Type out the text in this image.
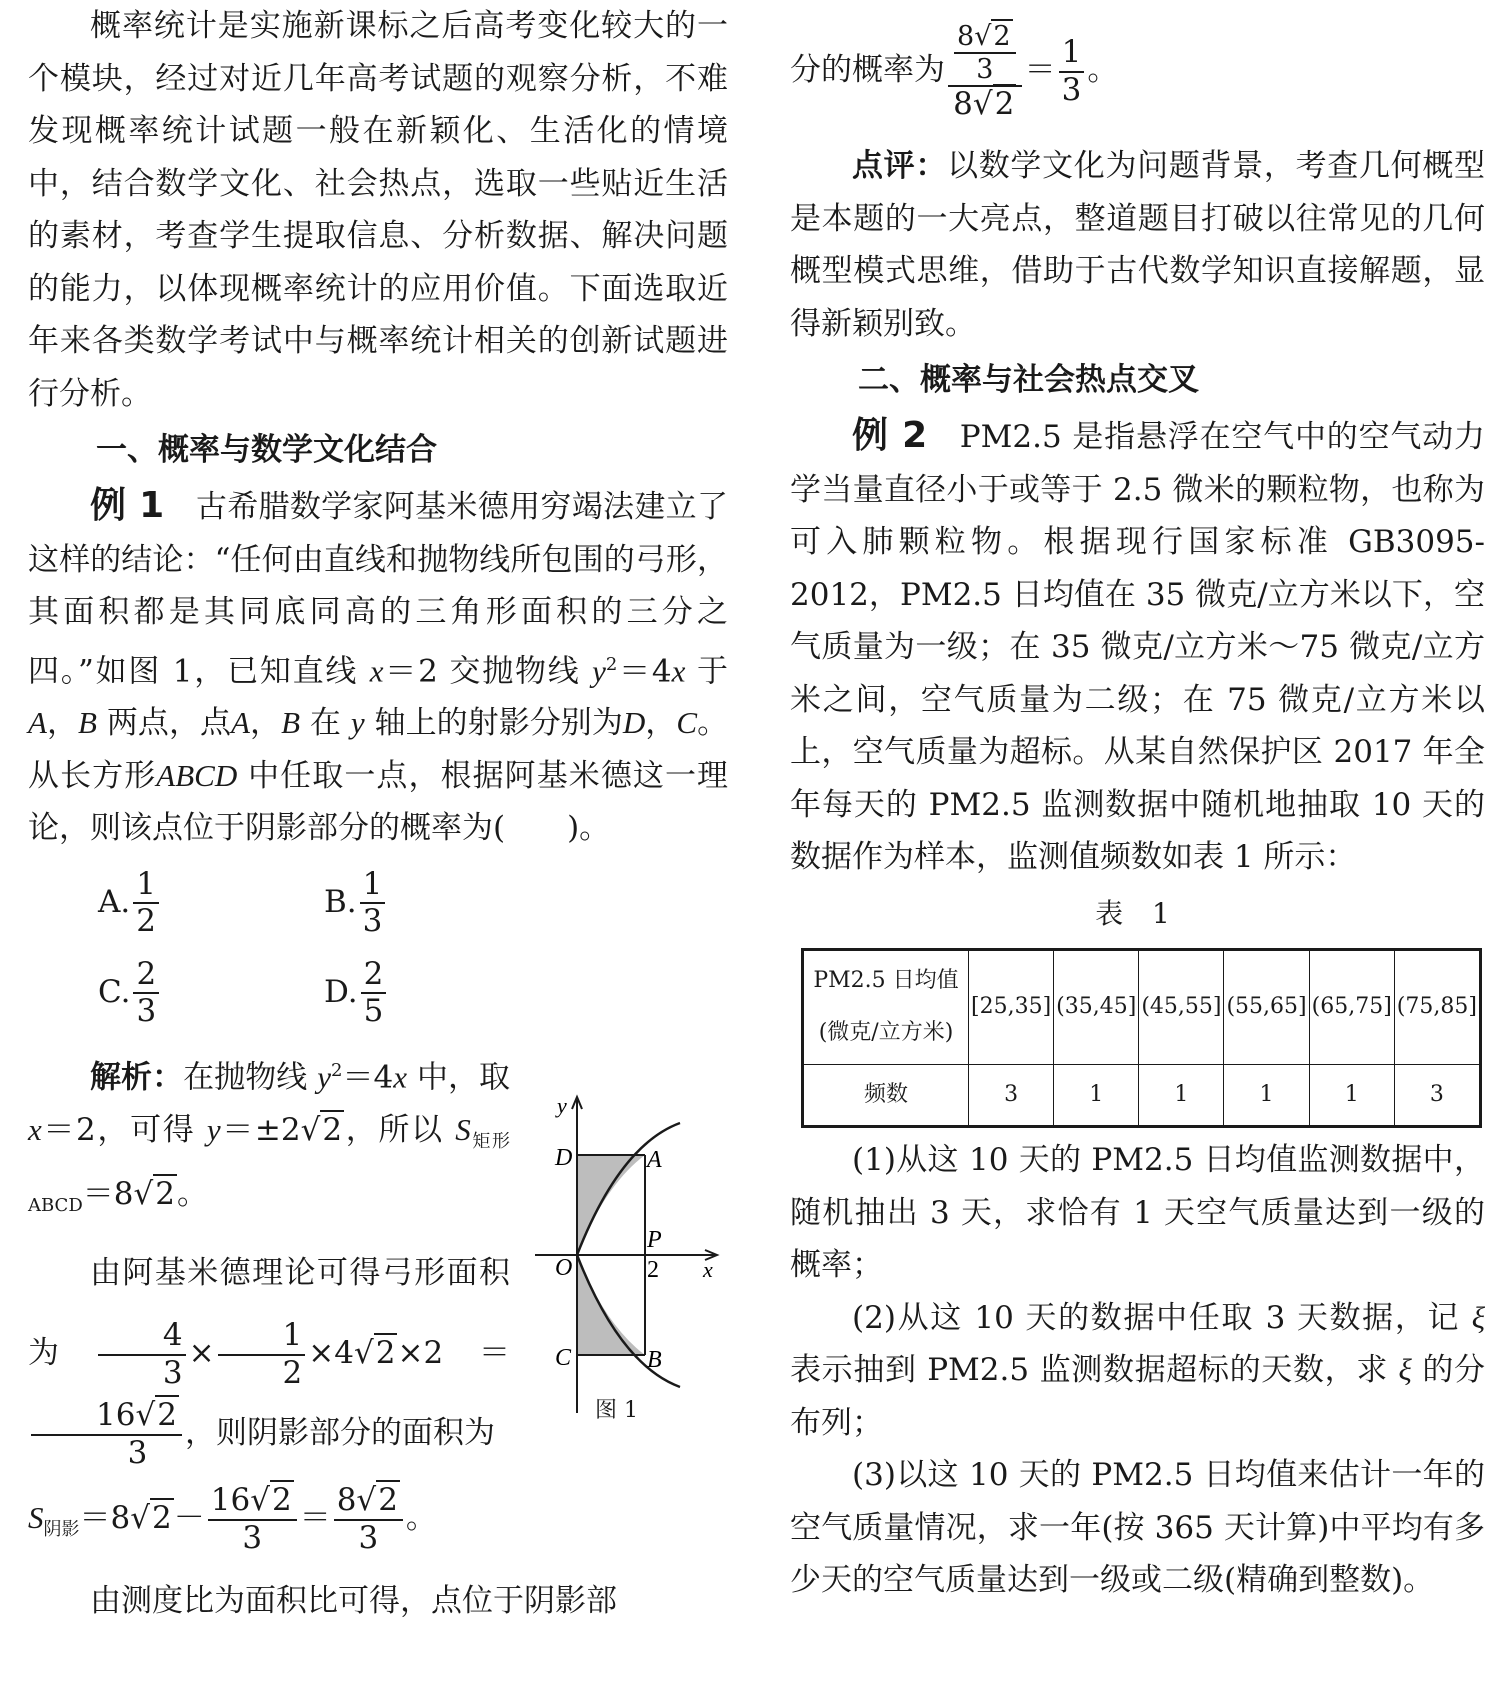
概率统计是实施新课标之后高考变化较大的一个模块，经过对近几年高考试题的观察分析，不难发现概率统计试题一般在新颖化、生活化的情境中，结合数学文化、社会热点，选取一些贴近生活的素材，考查学生提取信息、分析数据、解决问题的能力，以体现概率统计的应用价值。下面选取近年来各类数学考试中与概率统计相关的创新试题进行分析。

一、概率与数学文化结合

例 1　 古希腊数学家阿基米德用穷竭法建立了这样的结论：“任何由直线和抛物线所包围的弓形，其面积都是其同底同高的三角形面积的三分之四。”如图 1，已知直线 x＝2 交抛物线 $y^2=4x$ 于A，B 两点，点A，B 在 y 轴上的射影分别为D，C。从长方形ABCD 中任取一点，根据阿基米德这一理论，则该点位于阴影部分的概率为(　　)。

A. $\frac{1}{2}$	B. $\frac{1}{3}$
C. $\frac{2}{3}$	D. $\frac{2}{5}$

解析：在抛物线 $y^2=4x$ 中，取 x＝2，可得 y＝±2√2，所以 $S_{矩形ABCD}=8√2$。

由阿基米德理论可得弓形面积为 $\frac{4}{3} \times \frac{1}{2} \times 4√2\times 2=$
$\frac{16√2}{3}$ ，则阴影部分的面积为

$S_{阴影}=8√2- \frac{16√2}{3} = \frac{8√2}{3}$ 。

由测度比为面积比可得，点位于阴影部

y
x
D	A
P
O	2
C	B
图 1

分的概率为 $\frac{\frac{8√2}{3}}{8√2} = \frac{1}{3}$ 。

点评：以数学文化为问题背景，考查几何概型是本题的一大亮点，整道题目打破以往常见的几何概型模式思维，借助于古代数学知识直接解题，显得新颖别致。

二、概率与社会热点交叉

例 2　 PM2.5 是指悬浮在空气中的空气动力学当量直径小于或等于 2.5 微米的颗粒物，也称为可入肺颗粒物。根据现行国家标准 GB3095-2012，PM2.5 日均值在 35 微克/立方米以下，空气质量为一级；在 35 微克/立方米～75 微克/立方米之间，空气质量为二级；在 75 微克/立方米以上，空气质量为超标。从某自然保护区 2017 年全年每天的 PM2.5 监测数据中随机地抽取 10 天的数据作为样本，监测值频数如表 1 所示：

表 1
PM2.5 日均值(微克/立方米)	[25,35]	(35,45]	(45,55]	(55,65]	(65,75]	(75,85]
频数	3	1	1	1	1	3

(1)从这 10 天的 PM2.5 日均值监测数据中，随机抽出 3 天，求恰有 1 天空气质量达到一级的概率；

(2)从这 10 天的数据中任取 3 天数据，记 ξ 表示抽到 PM2.5 监测数据超标的天数，求 ξ 的分布列；

(3)以这 10 天的 PM2.5 日均值来估计一年的空气质量情况，求一年(按 365 天计算)中平均有多少天的空气质量达到一级或二级(精确到整数)。
